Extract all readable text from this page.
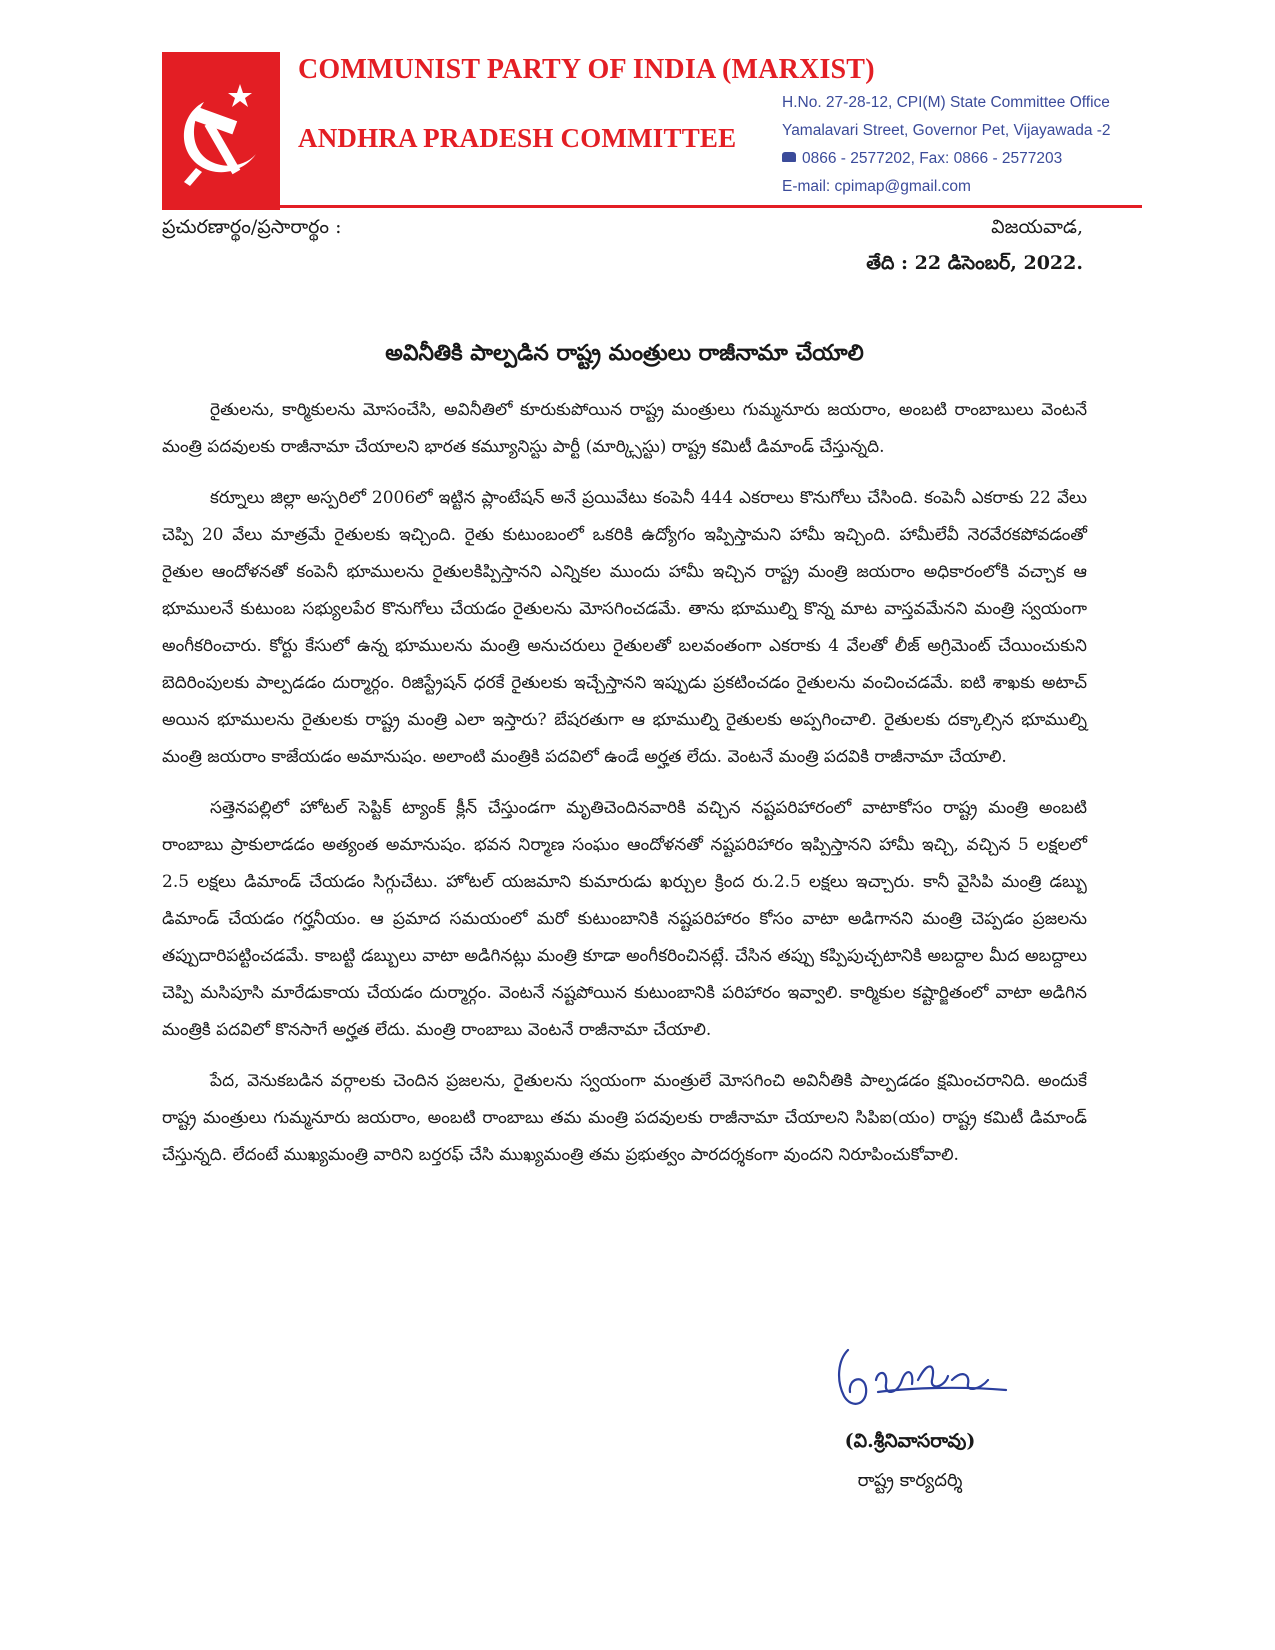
COMMUNIST PARTY OF INDIA (MARXIST)
ANDHRA PRADESH COMMITTEE
H.No. 27-28-12, CPI(M) State Committee Office
Yamalavari Street, Governor Pet, Vijayawada -2
0866 - 2577202, Fax: 0866 - 2577203
E-mail: cpimap@gmail.com
ప్రచురణార్థం/ప్రసారార్థం :	విజయవాడ,
తేది : 22 డిసెంబర్, 2022.
అవినీతికి పాల్పడిన రాష్ట్ర మంత్రులు రాజీనామా చేయాలి

రైతులను, కార్మికులను మోసంచేసి, అవినీతిలో కూరుకుపోయిన రాష్ట్ర మంత్రులు గుమ్మనూరు జయరాం, అంబటి రాంబాబులు వెంటనే మంత్రి పదవులకు రాజీనామా చేయాలని భారత కమ్యూనిస్టు పార్టీ (మార్క్సిస్టు) రాష్ట్ర కమిటీ డిమాండ్ చేస్తున్నది.

కర్నూలు జిల్లా అస్పరిలో 2006లో ఇట్టిన ప్లాంటేషన్ అనే ప్రయివేటు కంపెనీ 444 ఎకరాలు కొనుగోలు చేసింది. కంపెనీ ఎకరాకు 22 వేలు చెప్పి 20 వేలు మాత్రమే రైతులకు ఇచ్చింది. రైతు కుటుంబంలో ఒకరికి ఉద్యోగం ఇప్పిస్తామని హామీ ఇచ్చింది. హామీలేవీ నెరవేరకపోవడంతో రైతుల ఆందోళనతో కంపెనీ భూములను రైతులకిప్పిస్తానని ఎన్నికల ముందు హామీ ఇచ్చిన రాష్ట్ర మంత్రి జయరాం అధికారంలోకి వచ్చాక ఆ భూములనే కుటుంబ సభ్యులపేర కొనుగోలు చేయడం రైతులను మోసగించడమే. తాను భూముల్ని కొన్న మాట వాస్తవమేనని మంత్రి స్వయంగా అంగీకరించారు. కోర్టు కేసులో ఉన్న భూములను మంత్రి అనుచరులు రైతులతో బలవంతంగా ఎకరాకు 4 వేలతో లీజ్ అగ్రిమెంట్ చేయించుకుని బెదిరింపులకు పాల్పడడం దుర్మార్గం. రిజిస్ట్రేషన్ ధరకే రైతులకు ఇచ్చేస్తానని ఇప్పుడు ప్రకటించడం రైతులను వంచించడమే. ఐటి శాఖకు అటాచ్ అయిన భూములను రైతులకు రాష్ట్ర మంత్రి ఎలా ఇస్తారు? బేషరతుగా ఆ భూముల్ని రైతులకు అప్పగించాలి. రైతులకు దక్కాల్సిన భూముల్ని మంత్రి జయరాం కాజేయడం అమానుషం. అలాంటి మంత్రికి పదవిలో ఉండే అర్హత లేదు. వెంటనే మంత్రి పదవికి రాజీనామా చేయాలి.

సత్తెనపల్లిలో హోటల్ సెప్టిక్ ట్యాంక్ క్లీన్ చేస్తుండగా మృతిచెందినవారికి వచ్చిన నష్టపరిహారంలో వాటాకోసం రాష్ట్ర మంత్రి అంబటి రాంబాబు ప్రాకులాడడం అత్యంత అమానుషం. భవన నిర్మాణ సంఘం ఆందోళనతో నష్టపరిహారం ఇప్పిస్తానని హామీ ఇచ్చి, వచ్చిన 5 లక్షలలో 2.5 లక్షలు డిమాండ్ చేయడం సిగ్గుచేటు. హోటల్ యజమాని కుమారుడు ఖర్చుల క్రింద రు.2.5 లక్షలు ఇచ్చారు. కానీ వైసిపి మంత్రి డబ్బు డిమాండ్ చేయడం గర్హనీయం. ఆ ప్రమాద సమయంలో మరో కుటుంబానికి నష్టపరిహారం కోసం వాటా అడిగానని మంత్రి చెప్పడం ప్రజలను తప్పుదారిపట్టించడమే. కాబట్టి డబ్బులు వాటా అడిగినట్లు మంత్రి కూడా అంగీకరించినట్లే. చేసిన తప్పు కప్పిపుచ్చటానికి అబద్దాల మీద అబద్దాలు చెప్పి మసిపూసి మారేడుకాయ చేయడం దుర్మార్గం. వెంటనే నష్టపోయిన కుటుంబానికి పరిహారం ఇవ్వాలి. కార్మికుల కష్టార్జితంలో వాటా అడిగిన మంత్రికి పదవిలో కొనసాగే అర్హత లేదు. మంత్రి రాంబాబు వెంటనే రాజీనామా చేయాలి.

పేద, వెనుకబడిన వర్గాలకు చెందిన ప్రజలను, రైతులను స్వయంగా మంత్రులే మోసగించి అవినీతికి పాల్పడడం క్షమించరానిది. అందుకే రాష్ట్ర మంత్రులు గుమ్మనూరు జయరాం, అంబటి రాంబాబు తమ మంత్రి పదవులకు రాజీనామా చేయాలని సిపిఐ(యం) రాష్ట్ర కమిటీ డిమాండ్ చేస్తున్నది. లేదంటే ముఖ్యమంత్రి వారిని బర్తరఫ్ చేసి ముఖ్యమంత్రి తమ ప్రభుత్వం పారదర్శకంగా వుందని నిరూపించుకోవాలి.

(వి.శ్రీనివాసరావు)
రాష్ట్ర కార్యదర్శి
